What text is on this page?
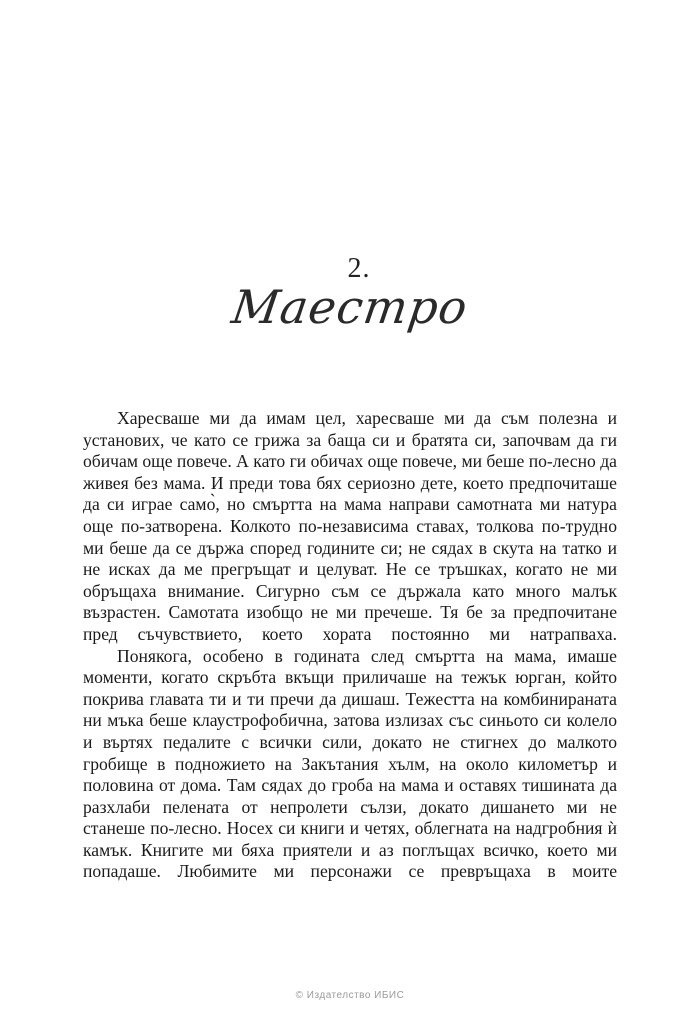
2.
Маестро

Харесваше ми да имам цел, харесваше ми да съм полезна и установих, че като се грижа за баща си и братята си, започвам да ги обичам още повече. А като ги обичах още повече, ми беше по-лесно да живея без мама. И преди това бях сериозно дете, което предпочиташе да си играе само̀, но смъртта на мама направи самотната ми натура още по-затворена. Колкото по-независима ставах, толкова по-трудно ми беше да се държа според годините си; не сядах в скута на татко и не исках да ме прегръщат и целуват. Не се тръшках, когато не ми обръщаха внимание. Сигурно съм се държала като много малък възрастен. Самотата изобщо не ми пречеше. Тя бе за предпочитане пред съчувствието, което хората постоянно ми натрапваха.

Понякога, особено в годината след смъртта на мама, имаше моменти, когато скръбта вкъщи приличаше на тежък юрган, който покрива главата ти и ти пречи да дишаш. Тежестта на комбинираната ни мъка беше клаустрофобична, затова излизах със синьото си колело и въртях педалите с всички сили, докато не стигнех до малкото гробище в подножието на Закътания хълм, на около километър и половина от дома. Там сядах до гроба на мама и оставях тишината да разхлаби пелената от непролети сълзи, докато дишането ми не станеше по-лесно. Носех си книги и четях, облегната на надгробния ѝ камък. Книгите ми бяха приятели и аз поглъщах всичко, което ми попадаше. Любимите ми персонажи се превръщаха в моите

© Издателство ИБИС
